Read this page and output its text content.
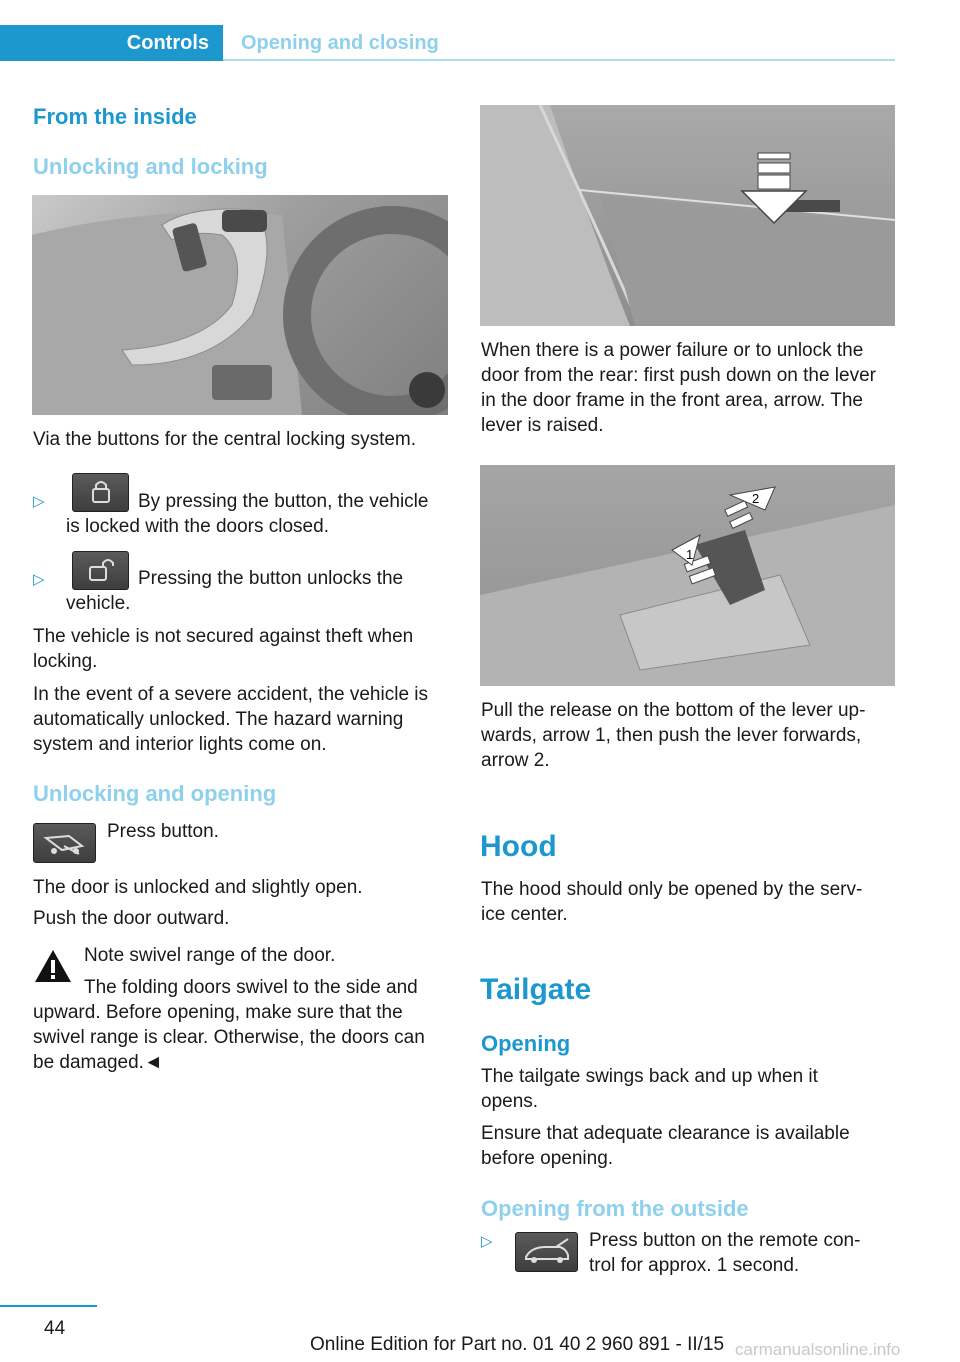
Controls	Opening and closing
From the inside
Unlocking and locking
Via the buttons for the central locking system.
▷	By pressing the button, the vehicle
is locked with the doors closed.
▷	Pressing the button unlocks the
vehicle.
The vehicle is not secured against theft when
locking.
In the event of a severe accident, the vehicle is
automatically unlocked. The hazard warning
system and interior lights come on.
Unlocking and opening
Press button.
The door is unlocked and slightly open.
Push the door outward.
Note swivel range of the door.
The folding doors swivel to the side and
upward. Before opening, make sure that the
swivel range is clear. Otherwise, the doors can
be damaged.◄
When there is a power failure or to unlock the
door from the rear: first push down on the lever
in the door frame in the front area, arrow. The
lever is raised.
1
2
Pull the release on the bottom of the lever up-
wards, arrow 1, then push the lever forwards,
arrow 2.
Hood
The hood should only be opened by the serv-
ice center.
Tailgate
Opening
The tailgate swings back and up when it
opens.
Ensure that adequate clearance is available
before opening.
Opening from the outside
▷	Press button on the remote con-
trol for approx. 1 second.
44
Online Edition for Part no. 01 40 2 960 891 - II/15 carmanualsonline.info
